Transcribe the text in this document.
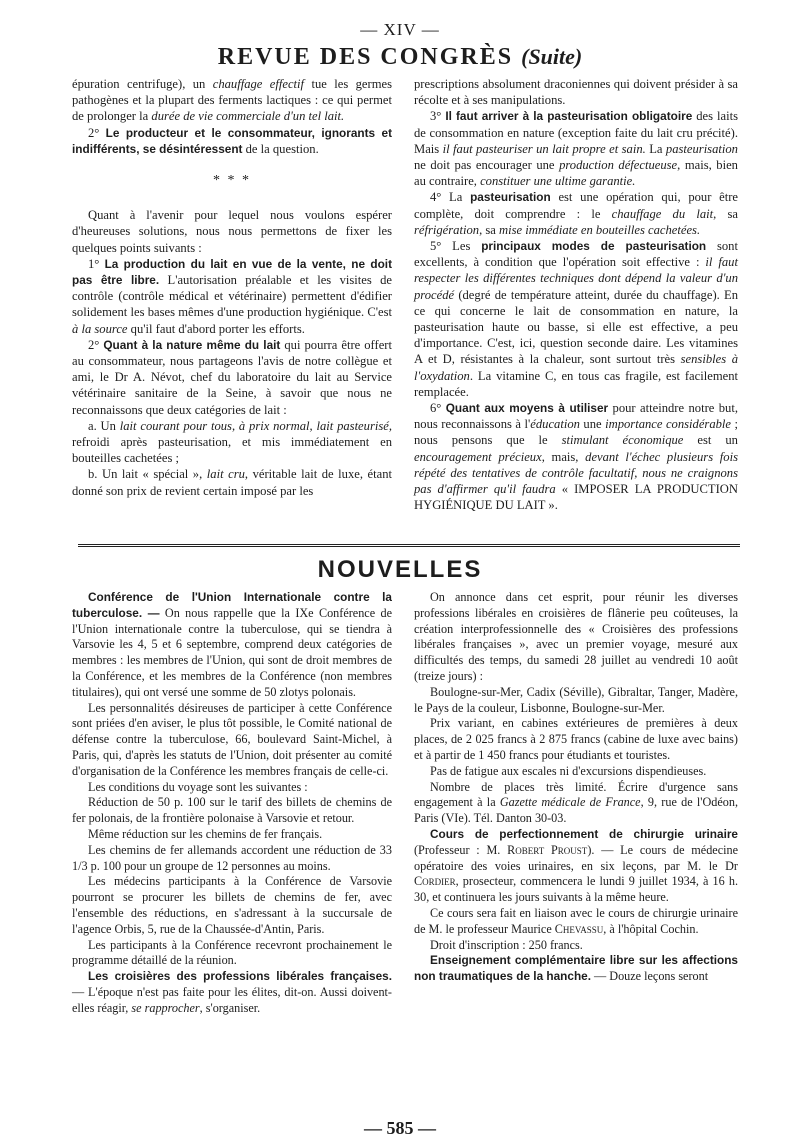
— XIV —
REVUE DES CONGRÈS (Suite)

épuration centrifuge), un chauffage effectif tue les germes pathogènes et la plupart des ferments lactiques : ce qui permet de prolonger la durée de vie commerciale d'un tel lait.

2° Le producteur et le consommateur, ignorants et indifférents, se désintéressent de la question.

* * *

Quant à l'avenir pour lequel nous voulons espérer d'heureuses solutions, nous nous permettons de fixer les quelques points suivants :

1° La production du lait en vue de la vente, ne doit pas être libre. L'autorisation préalable et les visites de contrôle (contrôle médical et vétérinaire) permettent d'édifier solidement les bases mêmes d'une production hygiénique. C'est à la source qu'il faut d'abord porter les efforts.

2° Quant à la nature même du lait qui pourra être offert au consommateur, nous partageons l'avis de notre collègue et ami, le Dr A. Névot, chef du laboratoire du lait au Service vétérinaire sanitaire de la Seine, à savoir que nous ne reconnaissons que deux catégories de lait :

a. Un lait courant pour tous, à prix normal, lait pasteurisé, refroidi après pasteurisation, et mis immédiatement en bouteilles cachetées ;

b. Un lait « spécial », lait cru, véritable lait de luxe, étant donné son prix de revient certain imposé par les

prescriptions absolument draconiennes qui doivent présider à sa récolte et à ses manipulations.

3° Il faut arriver à la pasteurisation obligatoire des laits de consommation en nature (exception faite du lait cru précité). Mais il faut pasteuriser un lait propre et sain. La pasteurisation ne doit pas encourager une production défectueuse, mais, bien au contraire, constituer une ultime garantie.

4° La pasteurisation est une opération qui, pour être complète, doit comprendre : le chauffage du lait, sa réfrigération, sa mise immédiate en bouteilles cachetées.

5° Les principaux modes de pasteurisation sont excellents, à condition que l'opération soit effective : il faut respecter les différentes techniques dont dépend la valeur d'un procédé (degré de température atteint, durée du chauffage). En ce qui concerne le lait de consommation en nature, la pasteurisation haute ou basse, si elle est effective, a peu d'importance. C'est, ici, question seconde daire. Les vitamines A et D, résistantes à la chaleur, sont surtout très sensibles à l'oxydation. La vitamine C, en tous cas fragile, est facilement remplacée.

6° Quant aux moyens à utiliser pour atteindre notre but, nous reconnaissons à l'éducation une importance considérable ; nous pensons que le stimulant économique est un encouragement précieux, mais, devant l'échec plusieurs fois répété des tentatives de contrôle facultatif, nous ne craignons pas d'affirmer qu'il faudra « IMPOSER LA PRODUCTION HYGIÉNIQUE DU LAIT ».

NOUVELLES

Conférence de l'Union Internationale contre la tuberculose. — On nous rappelle que la IXe Conférence de l'Union internationale contre la tuberculose, qui se tiendra à Varsovie les 4, 5 et 6 septembre, comprend deux catégories de membres : les membres de l'Union, qui sont de droit membres de la Conférence, et les membres de la Conférence (non membres titulaires), qui ont versé une somme de 50 zlotys polonais.

Les personnalités désireuses de participer à cette Conférence sont priées d'en aviser, le plus tôt possible, le Comité national de défense contre la tuberculose, 66, boulevard Saint-Michel, à Paris, qui, d'après les statuts de l'Union, doit présenter au comité d'organisation de la Conférence les membres français de celle-ci.

Les conditions du voyage sont les suivantes :

Réduction de 50 p. 100 sur le tarif des billets de chemins de fer polonais, de la frontière polonaise à Varsovie et retour.

Même réduction sur les chemins de fer français.

Les chemins de fer allemands accordent une réduction de 33 1/3 p. 100 pour un groupe de 12 personnes au moins.

Les médecins participants à la Conférence de Varsovie pourront se procurer les billets de chemins de fer, avec l'ensemble des réductions, en s'adressant à la succursale de l'agence Orbis, 5, rue de la Chaussée-d'Antin, Paris.

Les participants à la Conférence recevront prochainement le programme détaillé de la réunion.

Les croisières des professions libérales françaises. — L'époque n'est pas faite pour les élites, dit-on. Aussi doivent-elles réagir, se rapprocher, s'organiser.

On annonce dans cet esprit, pour réunir les diverses professions libérales en croisières de flânerie peu coûteuses, la création interprofessionnelle des « Croisières des professions libérales françaises », avec un premier voyage, mesuré aux difficultés des temps, du samedi 28 juillet au vendredi 10 août (treize jours) :

Boulogne-sur-Mer, Cadix (Séville), Gibraltar, Tanger, Madère, le Pays de la couleur, Lisbonne, Boulogne-sur-Mer.

Prix variant, en cabines extérieures de premières à deux places, de 2 025 francs à 2 875 francs (cabine de luxe avec bains) et à partir de 1 450 francs pour étudiants et touristes.

Pas de fatigue aux escales ni d'excursions dispendieuses.

Nombre de places très limité. Écrire d'urgence sans engagement à la Gazette médicale de France, 9, rue de l'Odéon, Paris (VIe). Tél. Danton 30-03.

Cours de perfectionnement de chirurgie urinaire (Professeur : M. Robert Proust). — Le cours de médecine opératoire des voies urinaires, en six leçons, par M. le Dr Cordier, prosecteur, commencera le lundi 9 juillet 1934, à 16 h. 30, et continuera les jours suivants à la même heure.

Ce cours sera fait en liaison avec le cours de chirurgie urinaire de M. le professeur Maurice Chevassu, à l'hôpital Cochin.

Droit d'inscription : 250 francs.

Enseignement complémentaire libre sur les affections non traumatiques de la hanche. — Douze leçons seront

— 585 —
